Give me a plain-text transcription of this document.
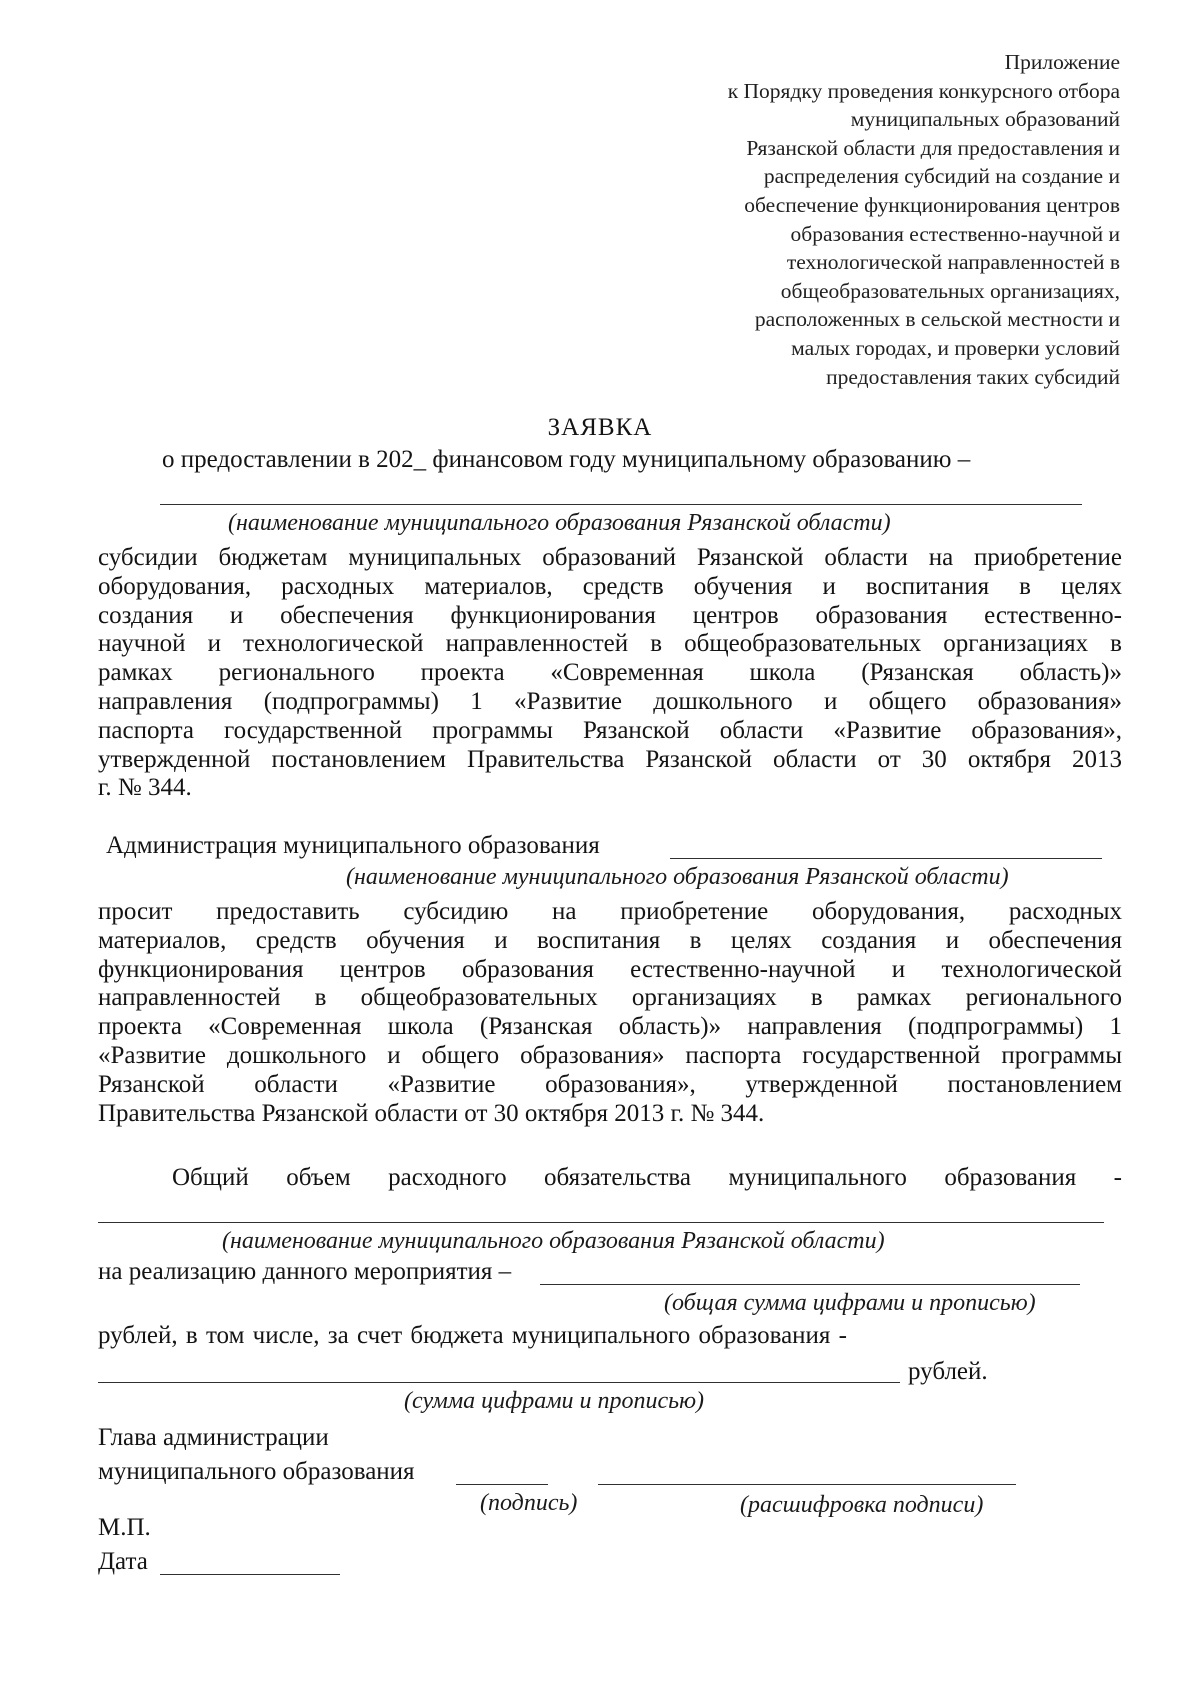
Приложение
к Порядку проведения конкурсного отбора
муниципальных образований
Рязанской области для предоставления и
распределения субсидий на создание и
обеспечение функционирования центров
образования естественно-научной и
технологической направленностей в
общеобразовательных организациях,
расположенных в сельской местности и
малых городах, и проверки условий
предоставления таких субсидий
ЗАЯВКА
о предоставлении в 202_ финансовом году муниципальному образованию –
(наименование муниципального образования Рязанской области)
субсидии бюджетам муниципальных образований Рязанской области на приобретение
оборудования, расходных материалов, средств обучения и воспитания в целях
создания и обеспечения функционирования центров образования естественно-
научной и технологической направленностей в общеобразовательных организациях в
рамках регионального проекта «Современная школа (Рязанская область)»
направления (подпрограммы) 1 «Развитие дошкольного и общего образования»
паспорта государственной программы Рязанской области «Развитие образования»,
утвержденной постановлением Правительства Рязанской области от 30 октября 2013
г. № 344.
Администрация муниципального образования
(наименование муниципального образования Рязанской области)
просит предоставить субсидию на приобретение оборудования, расходных
материалов, средств обучения и воспитания в целях создания и обеспечения
функционирования центров образования естественно-научной и технологической
направленностей в общеобразовательных организациях в рамках регионального
проекта «Современная школа (Рязанская область)» направления (подпрограммы) 1
«Развитие дошкольного и общего образования» паспорта государственной программы
Рязанской области «Развитие образования», утвержденной постановлением
Правительства Рязанской области от 30 октября 2013 г. № 344.
Общий объем расходного обязательства муниципального образования -
(наименование муниципального образования Рязанской области)
на реализацию данного мероприятия –
(общая сумма цифрами и прописью)
рублей, в том числе, за счет бюджета муниципального образования -
рублей.
(сумма цифрами и прописью)
Глава администрации
муниципального образования
(подпись)	(расшифровка подписи)
М.П.
Дата
